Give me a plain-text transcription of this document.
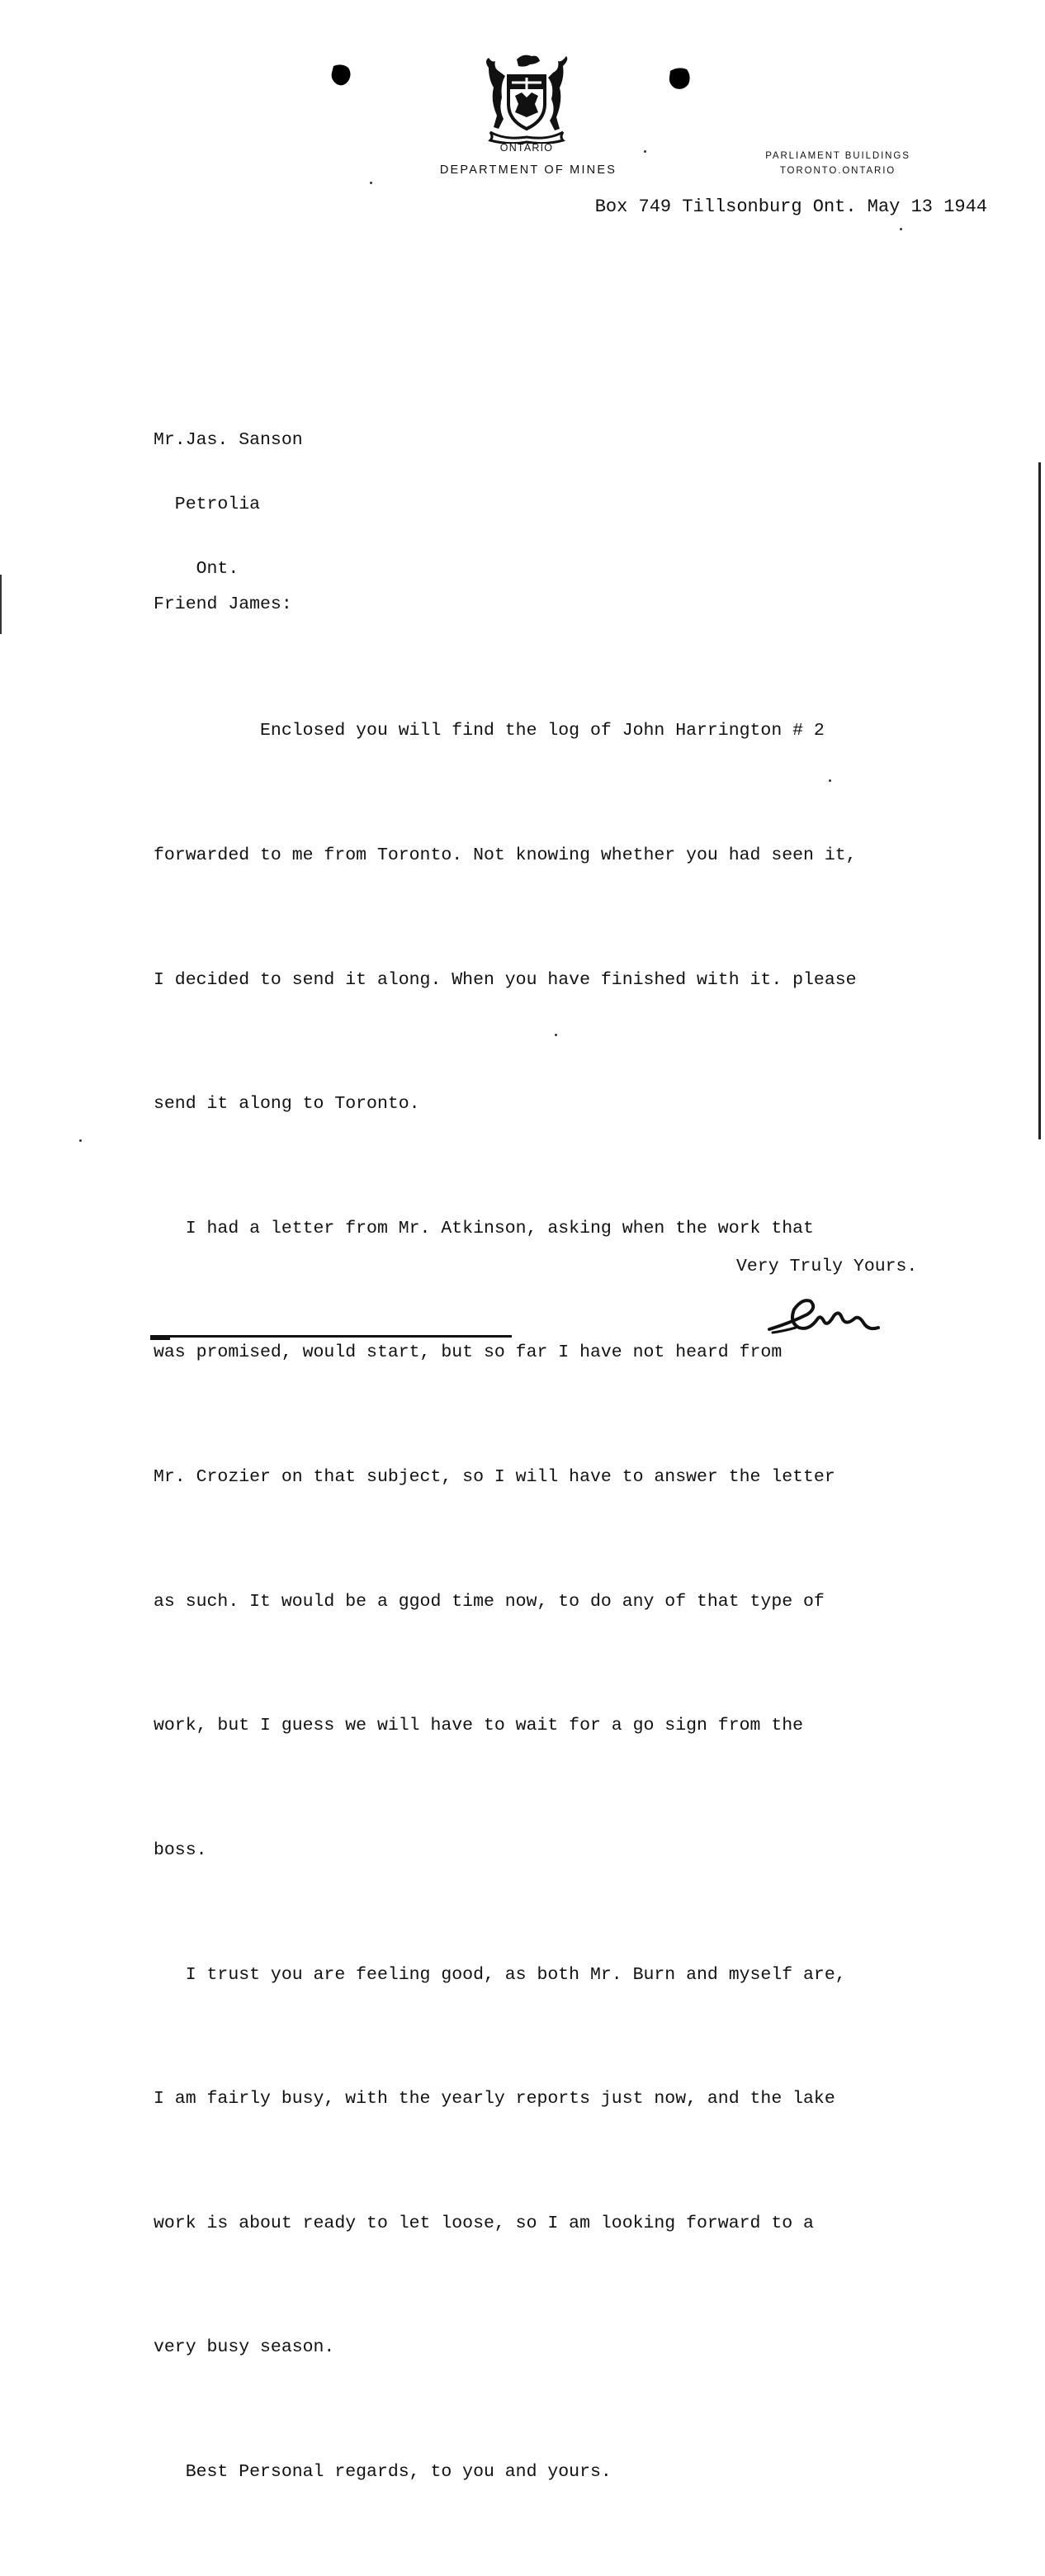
ONTARIO
DEPARTMENT OF MINES
PARLIAMENT BUILDINGS
TORONTO.ONTARIO
Box 749 Tillsonburg Ont. May 13 1944

Mr.Jas. Sanson

Petrolia

Ont.

Friend James:

Enclosed you will find the log of John Harrington # 2

forwarded to me from Toronto. Not knowing whether you had seen it,

I decided to send it along. When you have finished with it. please

send it along to Toronto.

I had a letter from Mr. Atkinson, asking when the work that

was promised, would start, but so far I have not heard from

Mr. Crozier on that subject, so I will have to answer the letter

as such. It would be a ggod time now, to do any of that type of

work, but I guess we will have to wait for a go sign from the

boss.

I trust you are feeling good, as both Mr. Burn and myself are,

I am fairly busy, with the yearly reports just now, and the lake

work is about ready to let loose, so I am looking forward to a

very busy season.

Best Personal regards, to you and yours.

Very Truly Yours.
